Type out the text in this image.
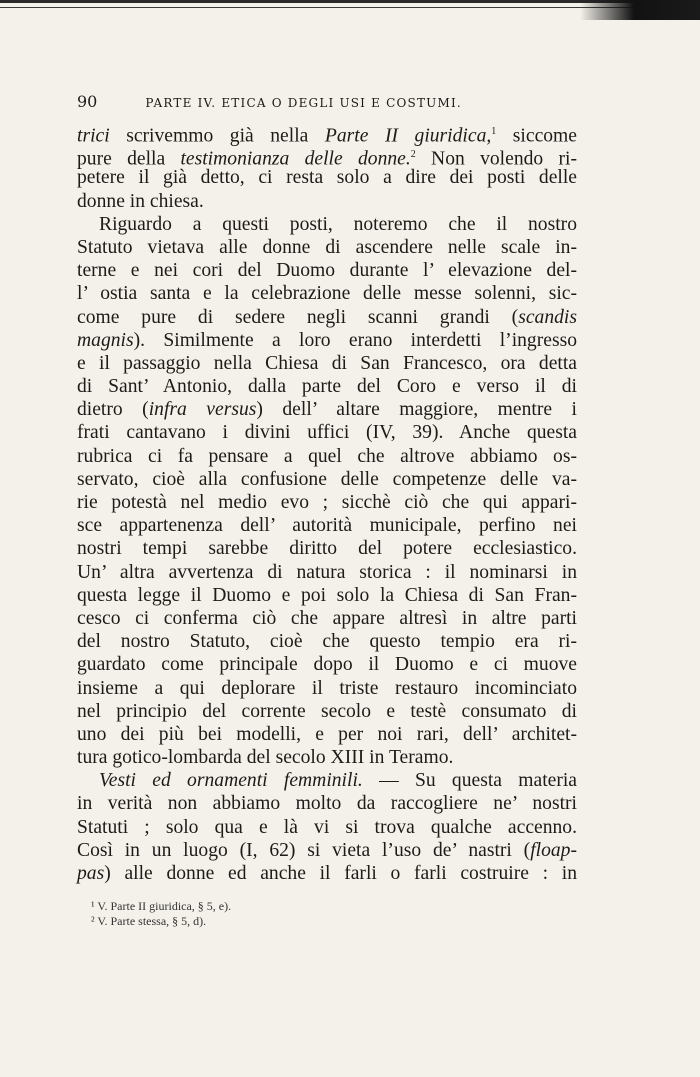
90	PARTE IV. ETICA O DEGLI USI E COSTUMI.
trici scrivemmo già nella Parte II giuridica,$^1$ siccome
pure della testimonianza delle donne.$^2$ Non volendo ri-
petere il già detto, ci resta solo a dire dei posti delle
donne in chiesa.
Riguardo a questi posti, noteremo che il nostro
Statuto vietava alle donne di ascendere nelle scale in-
terne e nei cori del Duomo durante l’ elevazione del-
l’ ostia santa e la celebrazione delle messe solenni, sic-
come pure di sedere negli scanni grandi (scandis
magnis). Similmente a loro erano interdetti l’ingresso
e il passaggio nella Chiesa di San Francesco, ora detta
di Sant’ Antonio, dalla parte del Coro e verso il di
dietro (infra versus) dell’ altare maggiore, mentre i
frati cantavano i divini uffici (IV, 39). Anche questa
rubrica ci fa pensare a quel che altrove abbiamo os-
servato, cioè alla confusione delle competenze delle va-
rie potestà nel medio evo ; sicchè ciò che qui appari-
sce appartenenza dell’ autorità municipale, perfino nei
nostri tempi sarebbe diritto del potere ecclesiastico.
Un’ altra avvertenza di natura storica : il nominarsi in
questa legge il Duomo e poi solo la Chiesa di San Fran-
cesco ci conferma ciò che appare altresì in altre parti
del nostro Statuto, cioè che questo tempio era ri-
guardato come principale dopo il Duomo e ci muove
insieme a qui deplorare il triste restauro incominciato
nel principio del corrente secolo e testè consumato di
uno dei più bei modelli, e per noi rari, dell’ architet-
tura gotico-lombarda del secolo XIII in Teramo.
Vesti ed ornamenti femminili. — Su questa materia
in verità non abbiamo molto da raccogliere ne’ nostri
Statuti ; solo qua e là vi si trova qualche accenno.
Così in un luogo (I, 62) si vieta l’uso de’ nastri (floap-
pas) alle donne ed anche il farli o farli costruire : in
¹ V. Parte II giuridica, § 5, e).
² V. Parte stessa, § 5, d).
